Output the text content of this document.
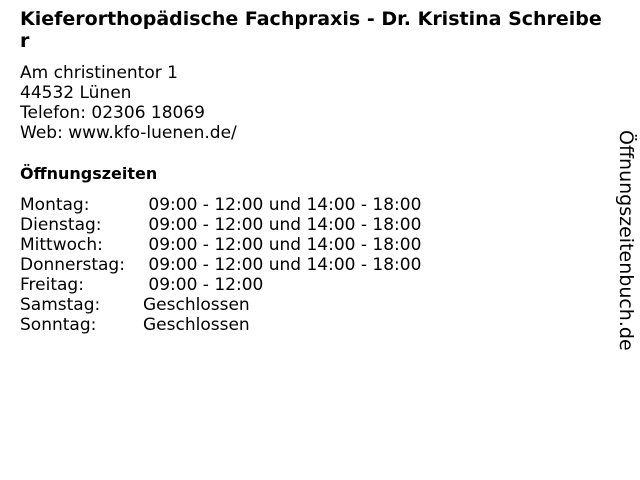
Kieferorthopädische Fachpraxis - Dr. Kristina Schreiber
Am christinentor 1
44532 Lünen
Telefon: 02306 18069
Web: www.kfo-luenen.de/
Öffnungszeiten
Montag:	09:00 - 12:00 und 14:00 - 18:00
Dienstag:	09:00 - 12:00 und 14:00 - 18:00
Mittwoch:	09:00 - 12:00 und 14:00 - 18:00
Donnerstag:	09:00 - 12:00 und 14:00 - 18:00
Freitag:	09:00 - 12:00
Samstag:	Geschlossen
Sonntag:	Geschlossen	Öffnungszeitenbuch.de
